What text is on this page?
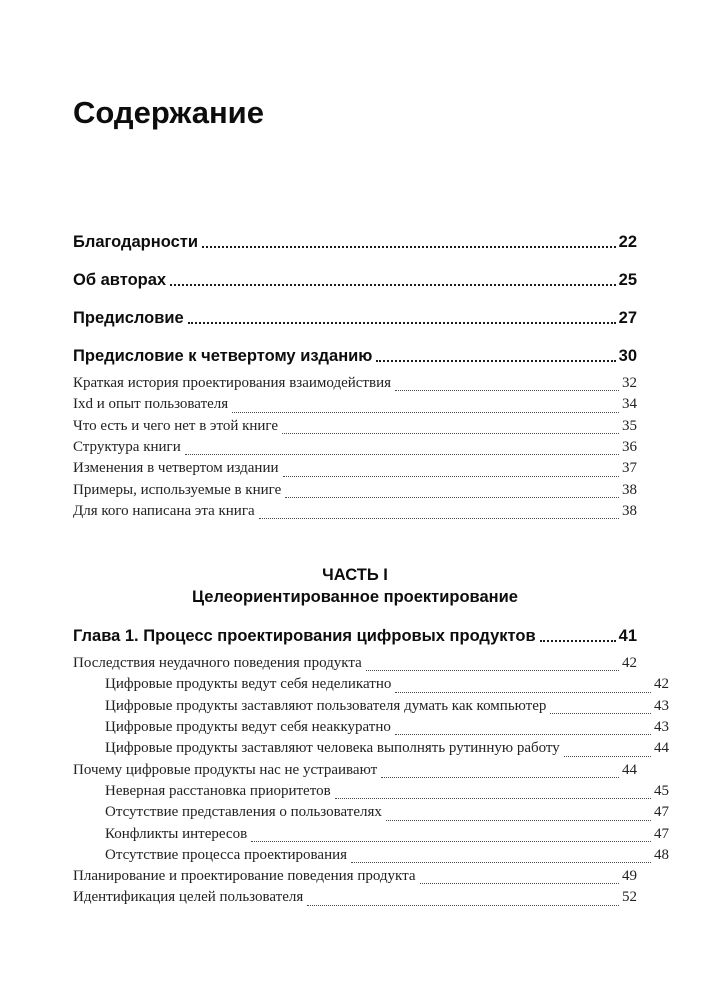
Содержание
Благодарности	22
Об авторах	25
Предисловие	27
Предисловие к четвертому изданию	30
Краткая история проектирования взаимодействия	32
Ixd и опыт пользователя	34
Что есть и чего нет в этой книге	35
Структура книги	36
Изменения в четвертом издании	37
Примеры, используемые в книге	38
Для кого написана эта книга	38
ЧАСТЬ I
Целеориентированное проектирование
Глава 1. Процесс проектирования цифровых продуктов	41
Последствия неудачного поведения продукта	42
Цифровые продукты ведут себя неделикатно	42
Цифровые продукты заставляют пользователя думать как компьютер	43
Цифровые продукты ведут себя неаккуратно	43
Цифровые продукты заставляют человека выполнять рутинную работу	44
Почему цифровые продукты нас не устраивают	44
Неверная расстановка приоритетов	45
Отсутствие представления о пользователях	47
Конфликты интересов	47
Отсутствие процесса проектирования	48
Планирование и проектирование поведения продукта	49
Идентификация целей пользователя	52
